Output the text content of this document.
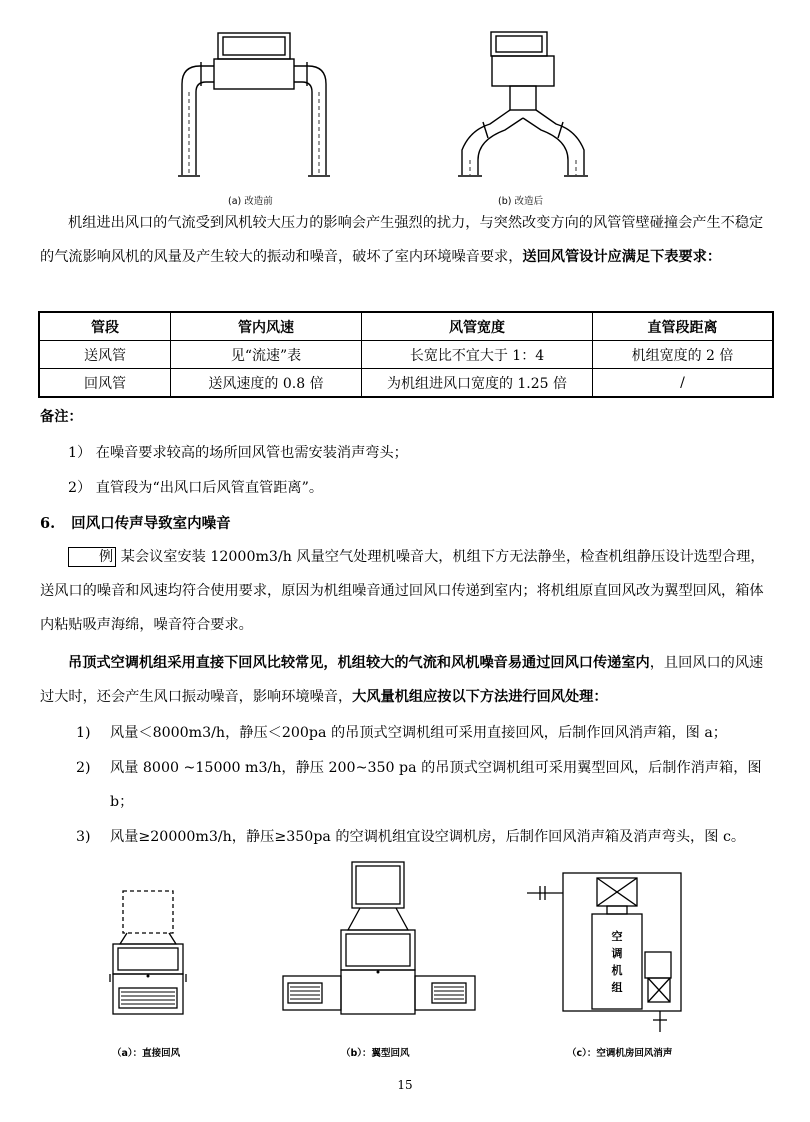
(a) 改造前	(b) 改造后
机组进出风口的气流受到风机较大压力的影响会产生强烈的扰力，与突然改变方向的风管管壁碰撞会产生不稳定的气流影响风机的风量及产生较大的振动和噪音，破坏了室内环境噪音要求，送回风管设计应满足下表要求：
管段	管内风速	风管宽度	直管段距离
送风管	见“流速”表	长宽比不宜大于 1：4	机组宽度的 2 倍
回风管	送风速度的 0.8 倍	为机组进风口宽度的 1.25 倍	/
备注：
1） 在噪音要求较高的场所回风管也需安装消声弯头；
2） 直管段为“出风口后风管直管距离”。
6. 回风口传声导致室内噪音
例 某会议室安装 12000m3/h 风量空气处理机噪音大，机组下方无法静坐，检查机组静压设计选型合理，送风口的噪音和风速均符合使用要求，原因为机组噪音通过回风口传递到室内；将机组原直回风改为翼型回风，箱体内粘贴吸声海绵，噪音符合要求。
吊顶式空调机组采用直接下回风比较常见，机组较大的气流和风机噪音易通过回风口传递室内，且回风口的风速过大时，还会产生风口振动噪音，影响环境噪音，大风量机组应按以下方法进行回风处理：
1) 风量＜8000m3/h，静压＜200pa 的吊顶式空调机组可采用直接回风，后制作回风消声箱，图 a；
2) 风量 8000 ~15000 m3/h，静压 200~350 pa 的吊顶式空调机组可采用翼型回风，后制作消声箱，图 b；
3) 风量≥20000m3/h，静压≥350pa 的空调机组宜设空调机房，后制作回风消声箱及消声弯头，图 c。
空
调
机
组
（a）：直接回风	（b）：翼型回风	（c）：空调机房回风消声
15
